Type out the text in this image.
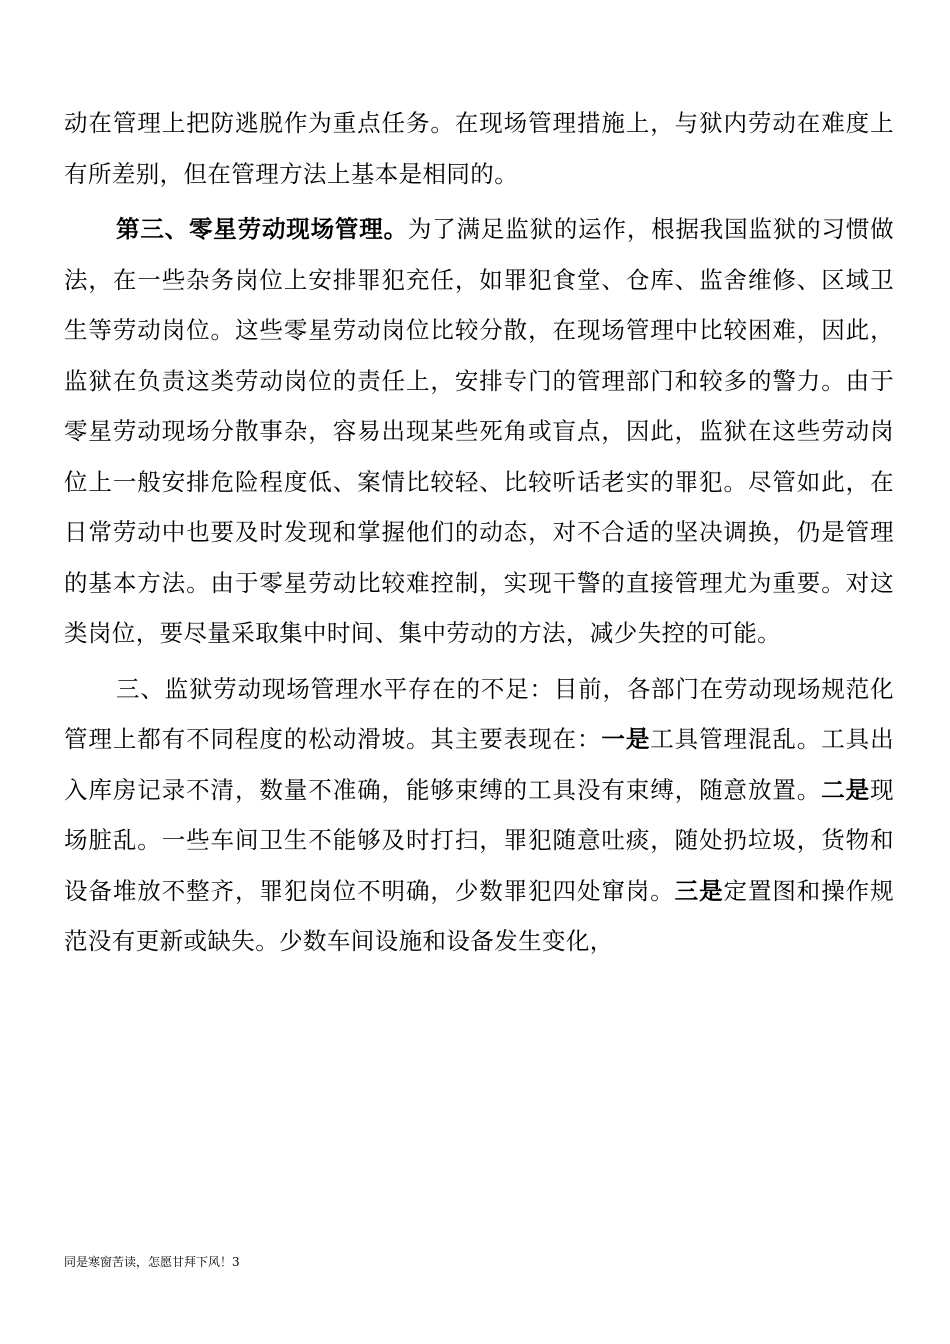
动在管理上把防逃脱作为重点任务。在现场管理措施上，与狱内劳动在难度上有所差别，但在管理方法上基本是相同的。

第三、零星劳动现场管理。为了满足监狱的运作，根据我国监狱的习惯做法，在一些杂务岗位上安排罪犯充任，如罪犯食堂、仓库、监舍维修、区域卫生等劳动岗位。这些零星劳动岗位比较分散，在现场管理中比较困难，因此，监狱在负责这类劳动岗位的责任上，安排专门的管理部门和较多的警力。由于零星劳动现场分散事杂，容易出现某些死角或盲点，因此，监狱在这些劳动岗位上一般安排危险程度低、案情比较轻、比较听话老实的罪犯。尽管如此，在日常劳动中也要及时发现和掌握他们的动态，对不合适的坚决调换，仍是管理的基本方法。由于零星劳动比较难控制，实现干警的直接管理尤为重要。对这类岗位，要尽量采取集中时间、集中劳动的方法，减少失控的可能。

三、监狱劳动现场管理水平存在的不足：目前，各部门在劳动现场规范化管理上都有不同程度的松动滑坡。其主要表现在：一是工具管理混乱。工具出入库房记录不清，数量不准确，能够束缚的工具没有束缚，随意放置。二是现场脏乱。一些车间卫生不能够及时打扫，罪犯随意吐痰，随处扔垃圾，货物和设备堆放不整齐，罪犯岗位不明确，少数罪犯四处窜岗。三是定置图和操作规范没有更新或缺失。少数车间设施和设备发生变化，

同是寒窗苦读，怎愿甘拜下风！3
